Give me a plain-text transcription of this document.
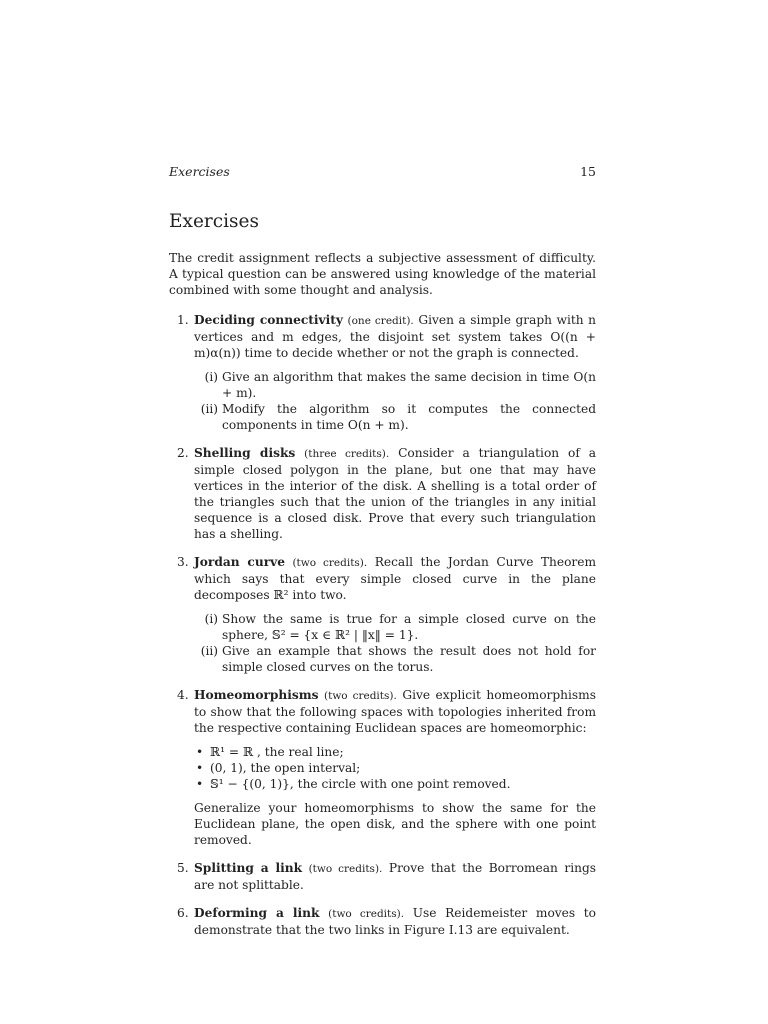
Exercises	15
Exercises

The credit assignment reflects a subjective assessment of difficulty. A typical question can be answered using knowledge of the material combined with some thought and analysis.

1. Deciding connectivity (one credit). Given a simple graph with n vertices and m edges, the disjoint set system takes O((n + m)α(n)) time to decide whether or not the graph is connected.
(i) Give an algorithm that makes the same decision in time O(n + m).
(ii) Modify the algorithm so it computes the connected components in time O(n + m).
2. Shelling disks (three credits). Consider a triangulation of a simple closed polygon in the plane, but one that may have vertices in the interior of the disk. A shelling is a total order of the triangles such that the union of the triangles in any initial sequence is a closed disk. Prove that every such triangulation has a shelling.
3. Jordan curve (two credits). Recall the Jordan Curve Theorem which says that every simple closed curve in the plane decomposes ℝ² into two.
(i) Show the same is true for a simple closed curve on the sphere, 𝕊² = {x ∈ ℝ² | ‖x‖ = 1}.
(ii) Give an example that shows the result does not hold for simple closed curves on the torus.
4. Homeomorphisms (two credits). Give explicit homeomorphisms to show that the following spaces with topologies inherited from the respective containing Euclidean spaces are homeomorphic:
• ℝ¹ = ℝ , the real line;
• (0, 1), the open interval;
• 𝕊¹ − {(0, 1)}, the circle with one point removed.
Generalize your homeomorphisms to show the same for the Euclidean plane, the open disk, and the sphere with one point removed.
5. Splitting a link (two credits). Prove that the Borromean rings are not splittable.
6. Deforming a link (two credits). Use Reidemeister moves to demonstrate that the two links in Figure I.13 are equivalent.
